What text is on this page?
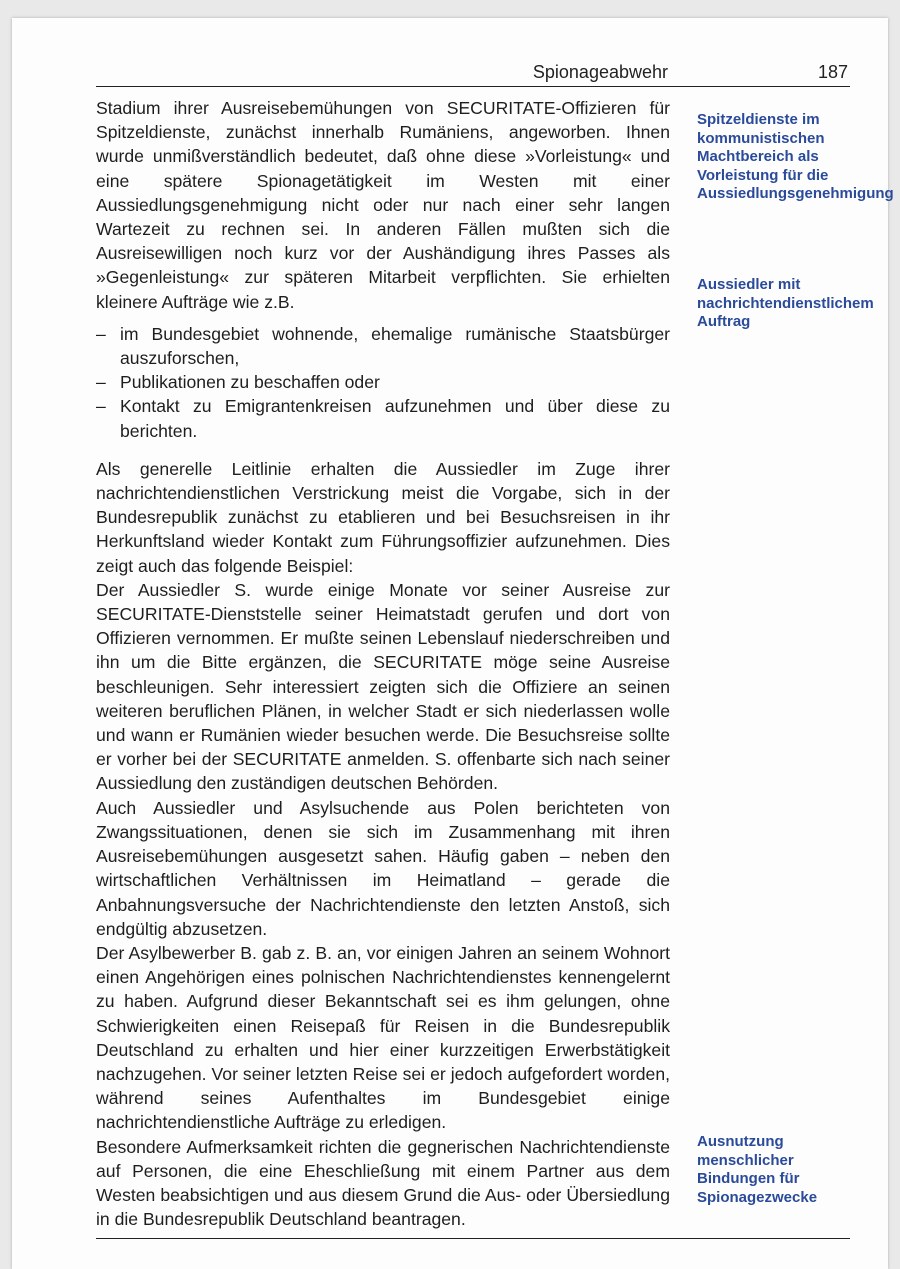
Spionageabwehr	187

Stadium ihrer Ausreisebemühungen von SECURITATE-Offizieren für Spitzeldienste, zunächst innerhalb Rumäniens, angeworben. Ihnen wurde unmißverständlich bedeutet, daß ohne diese »Vorleistung« und eine spätere Spionagetätigkeit im Westen mit einer Aussiedlungsgenehmigung nicht oder nur nach einer sehr langen Wartezeit zu rechnen sei. In anderen Fällen mußten sich die Ausreisewilligen noch kurz vor der Aushändigung ihres Passes als »Gegenleistung« zur späteren Mitarbeit verpflichten. Sie erhielten kleinere Aufträge wie z.B.

– im Bundesgebiet wohnende, ehemalige rumänische Staatsbürger auszuforschen,
– Publikationen zu beschaffen oder
– Kontakt zu Emigrantenkreisen aufzunehmen und über diese zu berichten.

Als generelle Leitlinie erhalten die Aussiedler im Zuge ihrer nachrichtendienstlichen Verstrickung meist die Vorgabe, sich in der Bundesrepublik zunächst zu etablieren und bei Besuchsreisen in ihr Herkunftsland wieder Kontakt zum Führungsoffizier aufzunehmen. Dies zeigt auch das folgende Beispiel:

Der Aussiedler S. wurde einige Monate vor seiner Ausreise zur SECURITATE-Dienststelle seiner Heimatstadt gerufen und dort von Offizieren vernommen. Er mußte seinen Lebenslauf niederschreiben und ihn um die Bitte ergänzen, die SECURITATE möge seine Ausreise beschleunigen. Sehr interessiert zeigten sich die Offiziere an seinen weiteren beruflichen Plänen, in welcher Stadt er sich niederlassen wolle und wann er Rumänien wieder besuchen werde. Die Besuchsreise sollte er vorher bei der SECURITATE anmelden. S. offenbarte sich nach seiner Aussiedlung den zuständigen deutschen Behörden.

Auch Aussiedler und Asylsuchende aus Polen berichteten von Zwangssituationen, denen sie sich im Zusammenhang mit ihren Ausreisebemühungen ausgesetzt sahen. Häufig gaben – neben den wirtschaftlichen Verhältnissen im Heimatland – gerade die Anbahnungsversuche der Nachrichtendienste den letzten Anstoß, sich endgültig abzusetzen.

Der Asylbewerber B. gab z. B. an, vor einigen Jahren an seinem Wohnort einen Angehörigen eines polnischen Nachrichtendienstes kennengelernt zu haben. Aufgrund dieser Bekanntschaft sei es ihm gelungen, ohne Schwierigkeiten einen Reisepaß für Reisen in die Bundesrepublik Deutschland zu erhalten und hier einer kurzzeitigen Erwerbstätigkeit nachzugehen. Vor seiner letzten Reise sei er jedoch aufgefordert worden, während seines Aufenthaltes im Bundesgebiet einige nachrichtendienstliche Aufträge zu erledigen.

Besondere Aufmerksamkeit richten die gegnerischen Nachrichtendienste auf Personen, die eine Eheschließung mit einem Partner aus dem Westen beabsichtigen und aus diesem Grund die Aus- oder Übersiedlung in die Bundesrepublik Deutschland beantragen.

Spitzeldienste im kommunistischen Machtbereich als Vorleistung für die Aussiedlungsgenehmigung
Aussiedler mit nachrichtendienstlichem Auftrag
Ausnutzung menschlicher Bindungen für Spionagezwecke
